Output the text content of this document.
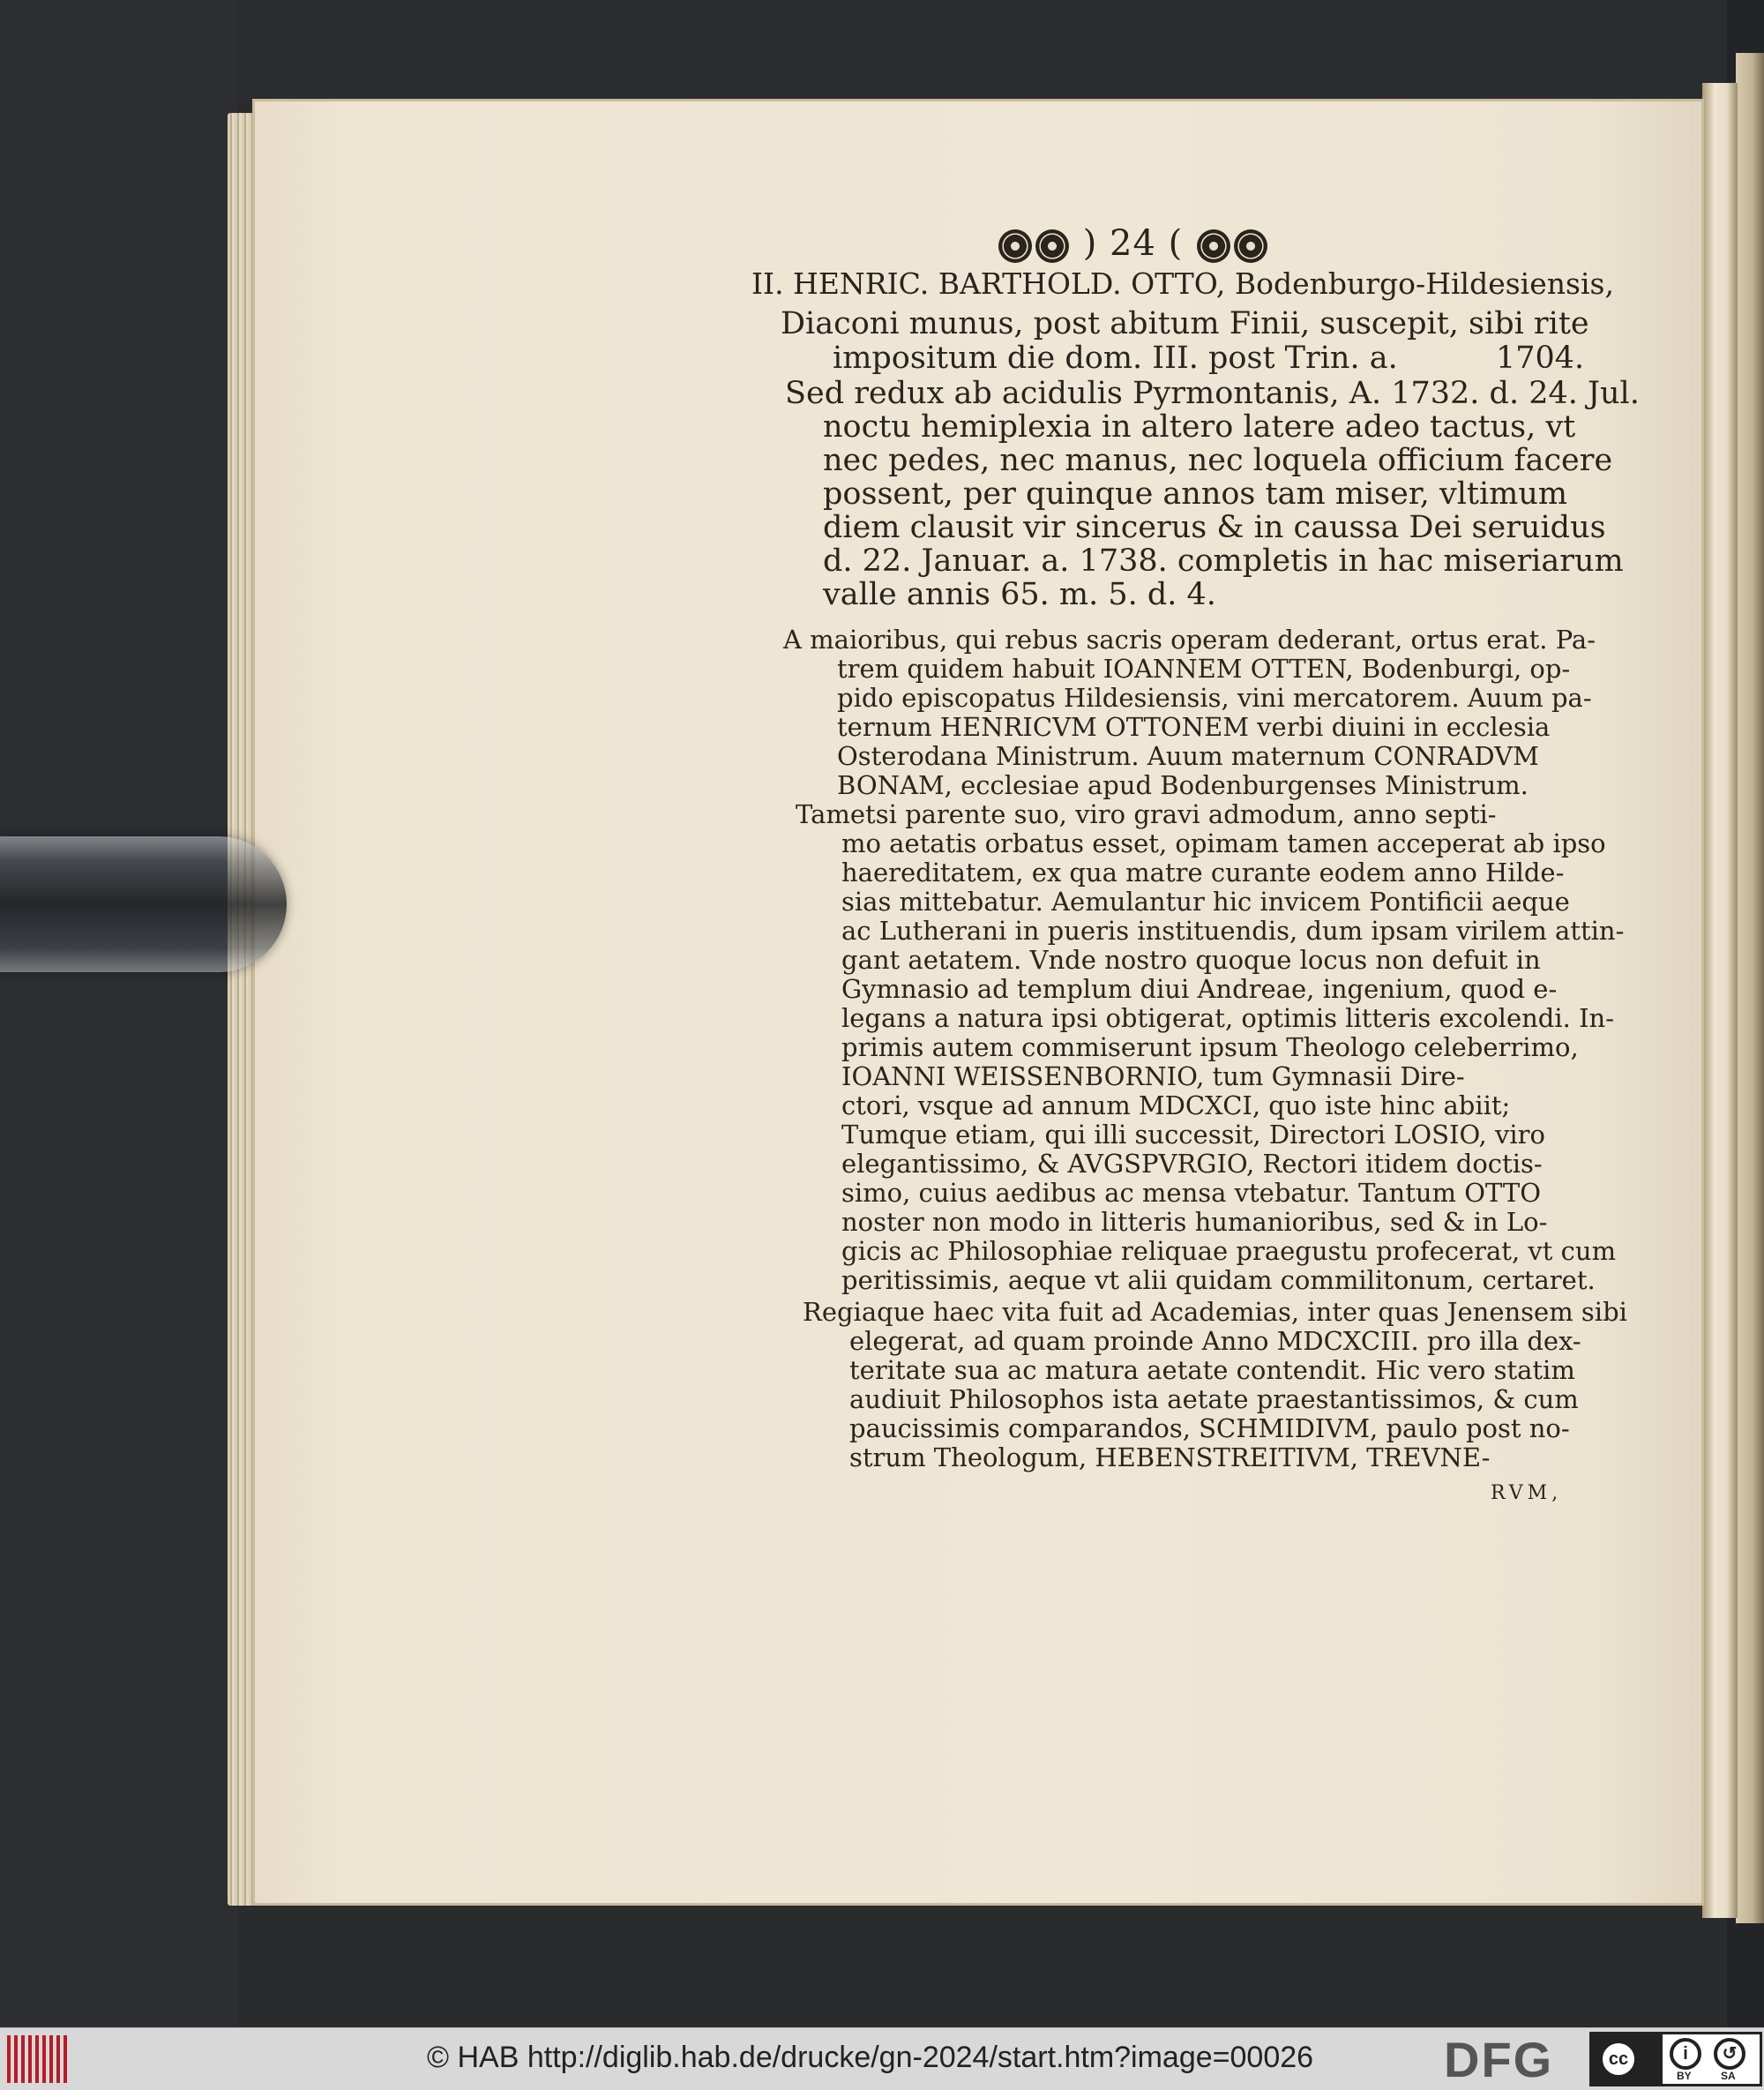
) 24 (
II. HENRIC. BARTHOLD. OTTO, Bodenburgo-Hildesiensis,
Diaconi munus, post abitum Finii, suscepit, sibi rite
impositum die dom. III. post Trin. a.          1704.
Sed redux ab acidulis Pyrmontanis, A. 1732. d. 24. Jul.
noctu hemiplexia in altero latere adeo tactus, vt
nec pedes, nec manus, nec loquela officium facere
possent, per quinque annos tam miser, vltimum
diem clausit vir sincerus & in caussa Dei seruidus
d. 22. Januar. a. 1738. completis in hac miseriarum
valle annis 65. m. 5. d. 4.
A maioribus, qui rebus sacris operam dederant, ortus erat. Pa-
trem quidem habuit IOANNEM OTTEN, Bodenburgi, op-
pido episcopatus Hildesiensis, vini mercatorem. Auum pa-
ternum HENRICVM OTTONEM verbi diuini in ecclesia
Osterodana Ministrum. Auum maternum CONRADVM
BONAM, ecclesiae apud Bodenburgenses Ministrum.
Tametsi parente suo, viro gravi admodum, anno septi-
mo aetatis orbatus esset, opimam tamen acceperat ab ipso
haereditatem, ex qua matre curante eodem anno Hilde-
sias mittebatur. Aemulantur hic invicem Pontificii aeque
ac Lutherani in pueris instituendis, dum ipsam virilem attin-
gant aetatem. Vnde nostro quoque locus non defuit in
Gymnasio ad templum diui Andreae, ingenium, quod e-
legans a natura ipsi obtigerat, optimis litteris excolendi. In-
primis autem commiserunt ipsum Theologo celeberrimo,
IOANNI WEISSENBORNIO, tum Gymnasii Dire-
ctori, vsque ad annum MDCXCI, quo iste hinc abiit;
Tumque etiam, qui illi successit, Directori LOSIO, viro
elegantissimo, & AVGSPVRGIO, Rectori itidem doctis-
simo, cuius aedibus ac mensa vtebatur. Tantum OTTO
noster non modo in litteris humanioribus, sed & in Lo-
gicis ac Philosophiae reliquae praegustu profecerat, vt cum
peritissimis, aeque vt alii quidam commilitonum, certaret.
Regiaque haec vita fuit ad Academias, inter quas Jenensem sibi
elegerat, ad quam proinde Anno MDCXCIII. pro illa dex-
teritate sua ac matura aetate contendit. Hic vero statim
audiuit Philosophos ista aetate praestantissimos, & cum
paucissimis comparandos, SCHMIDIVM, paulo post no-
strum Theologum, HEBENSTREITIVM, TREVNE-
RVM,
© HAB http://diglib.hab.de/drucke/gn-2024/start.htm?image=00026	DFG	cc	i	↺
BY	SA
